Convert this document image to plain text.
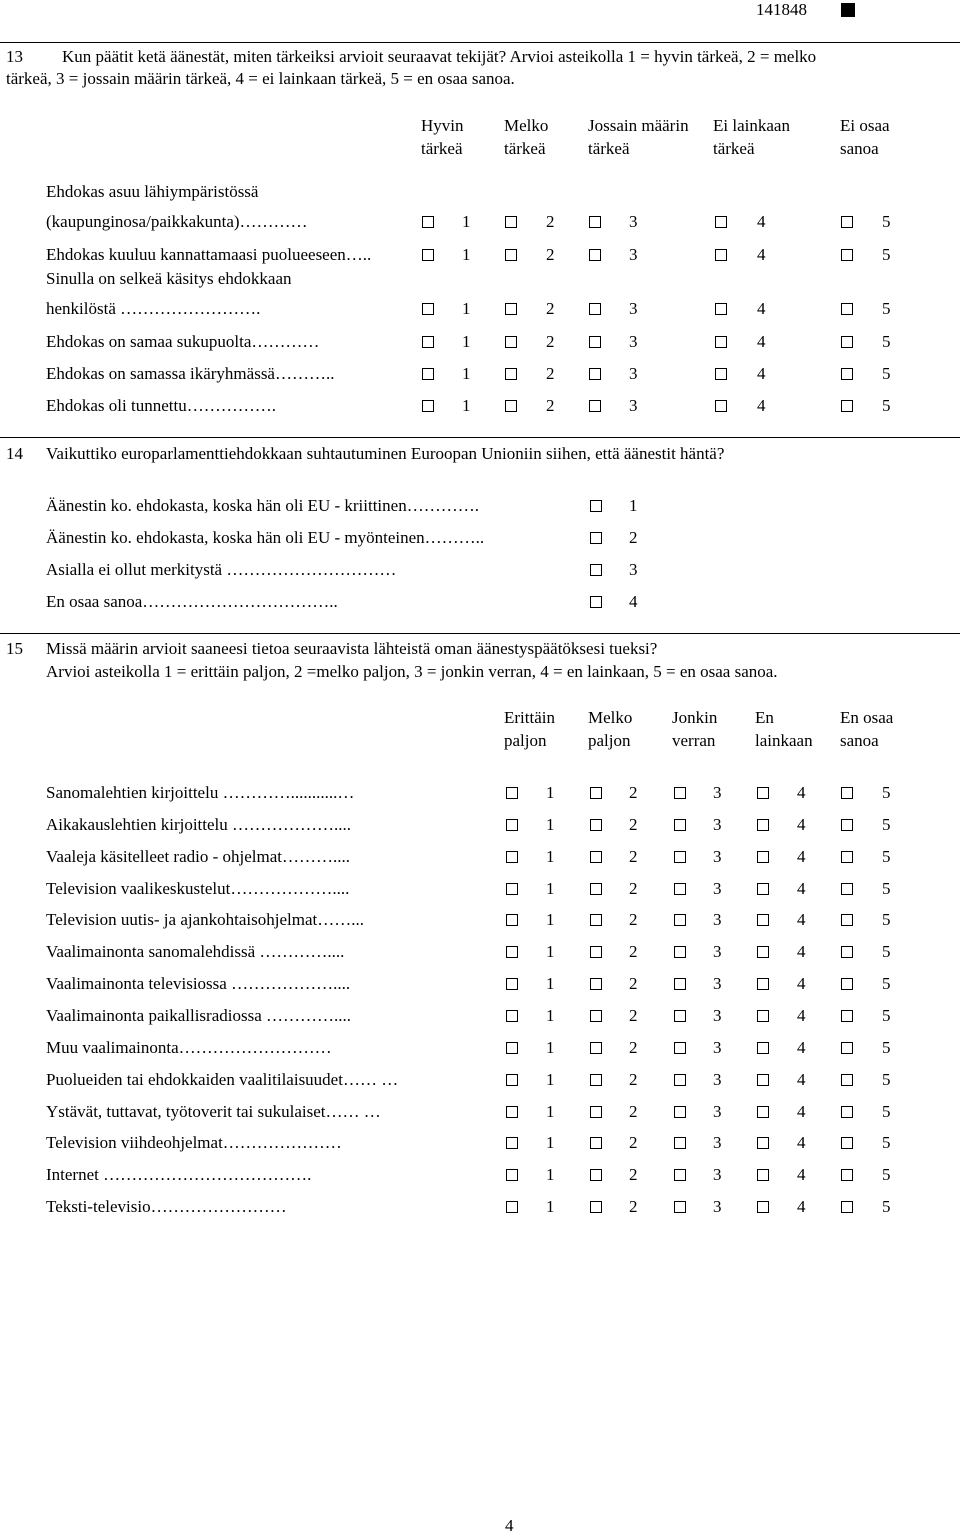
141848
13 Kun päätit ketä äänestät, miten tärkeiksi arvioit seuraavat tekijät? Arvioi asteikolla 1 = hyvin tärkeä, 2 = melko
tärkeä, 3 = jossain määrin tärkeä, 4 = ei lainkaan tärkeä, 5 = en osaa sanoa.
Hyvin
tärkeä
Melko
tärkeä
Jossain määrin
tärkeä
Ei lainkaan
tärkeä
Ei osaa
sanoa
Ehdokas asuu lähiympäristössä
(kaupunginosa/paikkakunta)…………	1	2	3	4	5
Ehdokas kuuluu kannattamaasi puolueeseen…..	1	2	3	4	5
Sinulla on selkeä käsitys ehdokkaan
henkilöstä …………………….	1	2	3	4	5
Ehdokas on samaa sukupuolta…………	1	2	3	4	5
Ehdokas on samassa ikäryhmässä………..	1	2	3	4	5
Ehdokas oli tunnettu…………….	1	2	3	4	5
14 Vaikuttiko europarlamenttiehdokkaan suhtautuminen Euroopan Unioniin siihen, että äänestit häntä?
Äänestin ko. ehdokasta, koska hän oli EU - kriittinen………….	1
Äänestin ko. ehdokasta, koska hän oli EU - myönteinen………..	2
Asialla ei ollut merkitystä …………………………	3
En osaa sanoa……………………………..	4
15 Missä määrin arvioit saaneesi tietoa seuraavista lähteistä oman äänestyspäätöksesi tueksi?
Arvioi asteikolla 1 = erittäin paljon, 2 =melko paljon, 3 = jonkin verran, 4 = en lainkaan, 5 = en osaa sanoa.
Erittäin
paljon
Melko
paljon
Jonkin
verran
En
lainkaan
En osaa
sanoa
Sanomalehtien kirjoittelu …………...........…	1	2	3	4	5
Aikakauslehtien kirjoittelu ………………....	1	2	3	4	5
Vaaleja käsitelleet radio - ohjelmat………....	1	2	3	4	5
Television vaalikeskustelut………………....	1	2	3	4	5
Television uutis- ja ajankohtaisohjelmat……...	1	2	3	4	5
Vaalimainonta sanomalehdissä …………....	1	2	3	4	5
Vaalimainonta televisiossa ………………....	1	2	3	4	5
Vaalimainonta paikallisradiossa …………....	1	2	3	4	5
Muu vaalimainonta………………………	1	2	3	4	5
Puolueiden tai ehdokkaiden vaalitilaisuudet…… …	1	2	3	4	5
Ystävät, tuttavat, työtoverit tai sukulaiset…… …	1	2	3	4	5
Television viihdeohjelmat…………………	1	2	3	4	5
Internet ……………………………….	1	2	3	4	5
Teksti-televisio……………………	1	2	3	4	5
4
